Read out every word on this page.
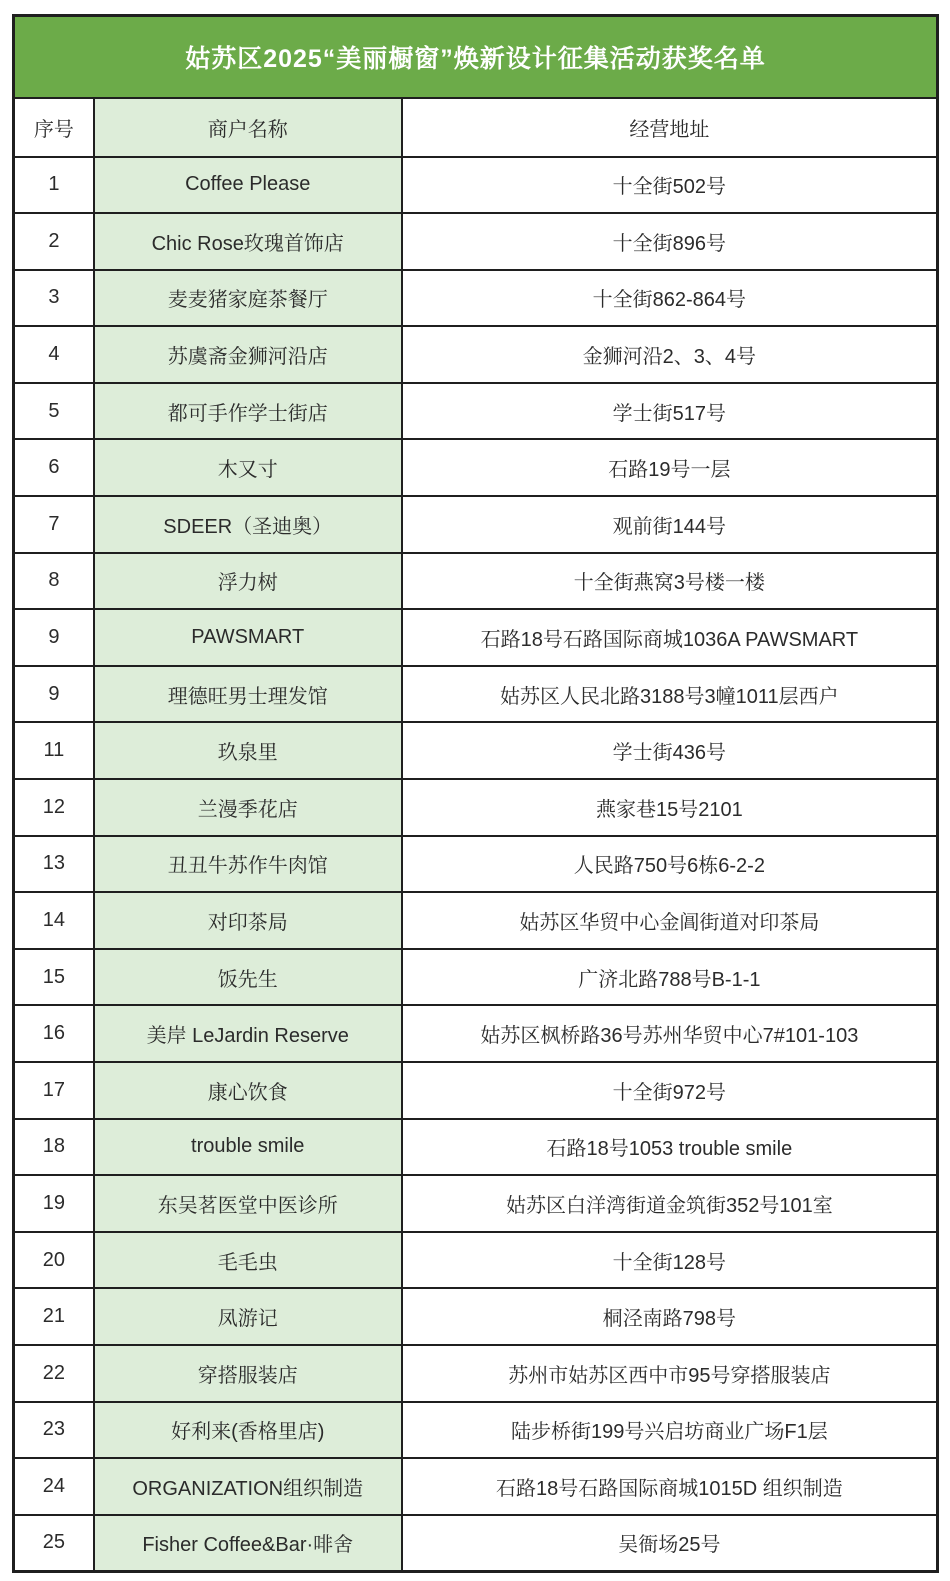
姑苏区2025“美丽橱窗”焕新设计征集活动获奖名单		
序号	商户名称	经营地址
1	Coffee Please	十全街502号
2	Chic Rose玫瑰首饰店	十全街896号
3	麦麦猪家庭茶餐厅	十全街862-864号
4	苏虞斋金狮河沿店	金狮河沿2、3、4号
5	都可手作学士街店	学士街517号
6	木又寸	石路19号一层
7	SDEER（圣迪奥）	观前街144号
8	浮力树	十全街燕窝3号楼一楼
9	PAWSMART	石路18号石路国际商城1036A PAWSMART
9	理德旺男士理发馆	姑苏区人民北路3188号3幢1011层西户
11	玖泉里	学士街436号
12	兰漫季花店	燕家巷15号2101
13	丑丑牛苏作牛肉馆	人民路750号6栋6-2-2
14	对印茶局	姑苏区华贸中心金阊街道对印茶局
15	饭先生	广济北路788号B-1-1
16	美岸 LeJardin Reserve	姑苏区枫桥路36号苏州华贸中心7#101-103
17	康心饮食	十全街972号
18	trouble smile	石路18号1053 trouble smile
19	东吴茗医堂中医诊所	姑苏区白洋湾街道金筑街352号101室
20	毛毛虫	十全街128号
21	凤游记	桐泾南路798号
22	穿搭服装店	苏州市姑苏区西中市95号穿搭服装店
23	好利来(香格里店)	陆步桥街199号兴启坊商业广场F1层
24	ORGANIZATION组织制造	石路18号石路国际商城1015D 组织制造
25	Fisher Coffee&Bar·啡舍	吴衙场25号
